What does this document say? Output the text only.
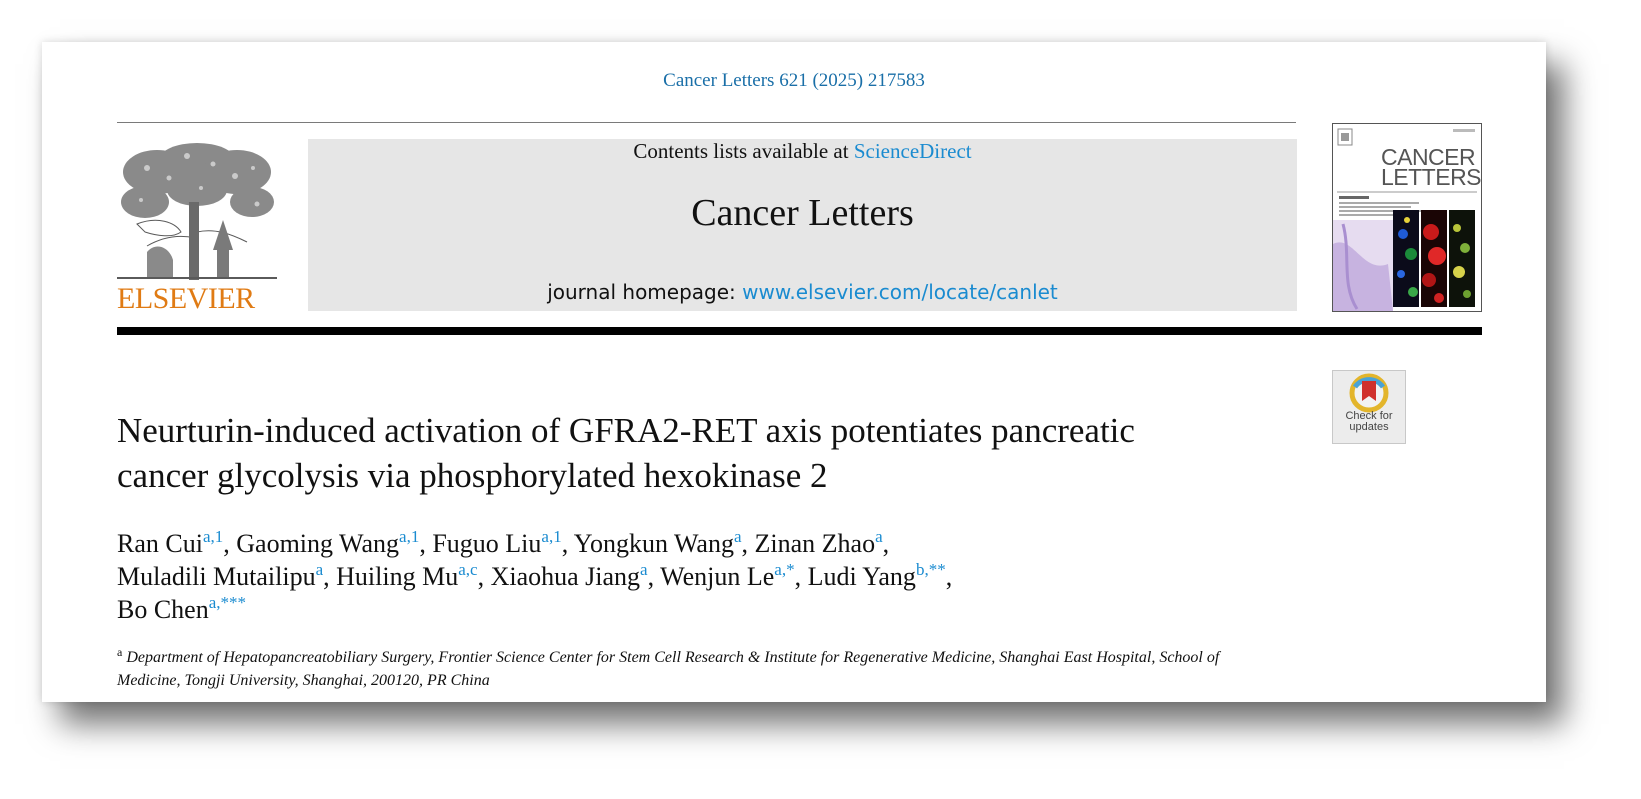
Cancer Letters 621 (2025) 217583
ELSEVIER
Contents lists available at ScienceDirect
Cancer Letters
journal homepage: www.elsevier.com/locate/canlet
CANCER
LETTERS
Check for
updates
Neurturin-induced activation of GFRA2-RET axis potentiates pancreatic
cancer glycolysis via phosphorylated hexokinase 2
Ran Cui$^{a,1}$, Gaoming Wang$^{a,1}$, Fuguo Liu$^{a,1}$, Yongkun Wang$^a$, Zinan Zhao$^a$,
Muladili Mutailipu$^a$, Huiling Mu$^{a,c}$, Xiaohua Jiang$^a$, Wenjun Le$^{a,*}$, Ludi Yang$^{b,**}$,
Bo Chen$^{a,***}$
$^a$ Department of Hepatopancreatobiliary Surgery, Frontier Science Center for Stem Cell Research & Institute for Regenerative Medicine, Shanghai East Hospital, School of
Medicine, Tongji University, Shanghai, 200120, PR China
